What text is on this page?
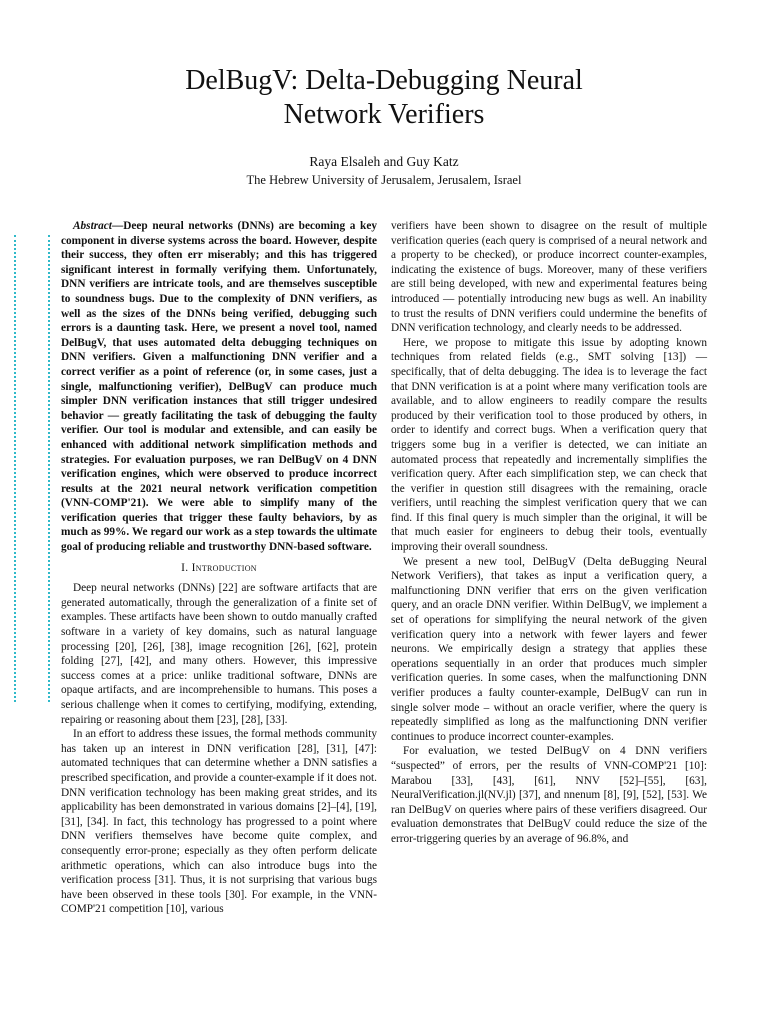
DelBugV: Delta-Debugging Neural
Network Verifiers
Raya Elsaleh and Guy Katz
The Hebrew University of Jerusalem, Jerusalem, Israel

Abstract—Deep neural networks (DNNs) are becoming a key component in diverse systems across the board. However, despite their success, they often err miserably; and this has triggered significant interest in formally verifying them. Unfortunately, DNN verifiers are intricate tools, and are themselves susceptible to soundness bugs. Due to the complexity of DNN verifiers, as well as the sizes of the DNNs being verified, debugging such errors is a daunting task. Here, we present a novel tool, named DelBugV, that uses automated delta debugging techniques on DNN verifiers. Given a malfunctioning DNN verifier and a correct verifier as a point of reference (or, in some cases, just a single, malfunctioning verifier), DelBugV can produce much simpler DNN verification instances that still trigger undesired behavior — greatly facilitating the task of debugging the faulty verifier. Our tool is modular and extensible, and can easily be enhanced with additional network simplification methods and strategies. For evaluation purposes, we ran DelBugV on 4 DNN verification engines, which were observed to produce incorrect results at the 2021 neural network verification competition (VNN-COMP'21). We were able to simplify many of the verification queries that trigger these faulty behaviors, by as much as 99%. We regard our work as a step towards the ultimate goal of producing reliable and trustworthy DNN-based software.

I. Introduction

Deep neural networks (DNNs) [22] are software artifacts that are generated automatically, through the generalization of a finite set of examples. These artifacts have been shown to outdo manually crafted software in a variety of key domains, such as natural language processing [20], [26], [38], image recognition [26], [62], protein folding [27], [42], and many others. However, this impressive success comes at a price: unlike traditional software, DNNs are opaque artifacts, and are incomprehensible to humans. This poses a serious challenge when it comes to certifying, modifying, extending, repairing or reasoning about them [23], [28], [33].

In an effort to address these issues, the formal methods community has taken up an interest in DNN verification [28], [31], [47]: automated techniques that can determine whether a DNN satisfies a prescribed specification, and provide a counter-example if it does not. DNN verification technology has been making great strides, and its applicability has been demonstrated in various domains [2]–[4], [19], [31], [34]. In fact, this technology has progressed to a point where DNN verifiers themselves have become quite complex, and consequently error-prone; especially as they often perform delicate arithmetic operations, which can also introduce bugs into the verification process [31]. Thus, it is not surprising that various bugs have been observed in these tools [30]. For example, in the VNN-COMP'21 competition [10], various

verifiers have been shown to disagree on the result of multiple verification queries (each query is comprised of a neural network and a property to be checked), or produce incorrect counter-examples, indicating the existence of bugs. Moreover, many of these verifiers are still being developed, with new and experimental features being introduced — potentially introducing new bugs as well. An inability to trust the results of DNN verifiers could undermine the benefits of DNN verification technology, and clearly needs to be addressed.

Here, we propose to mitigate this issue by adopting known techniques from related fields (e.g., SMT solving [13]) — specifically, that of delta debugging. The idea is to leverage the fact that DNN verification is at a point where many verification tools are available, and to allow engineers to readily compare the results produced by their verification tool to those produced by others, in order to identify and correct bugs. When a verification query that triggers some bug in a verifier is detected, we can initiate an automated process that repeatedly and incrementally simplifies the verification query. After each simplification step, we can check that the verifier in question still disagrees with the remaining, oracle verifiers, until reaching the simplest verification query that we can find. If this final query is much simpler than the original, it will be that much easier for engineers to debug their tools, eventually improving their overall soundness.

We present a new tool, DelBugV (Delta deBugging Neural Network Verifiers), that takes as input a verification query, a malfunctioning DNN verifier that errs on the given verification query, and an oracle DNN verifier. Within DelBugV, we implement a set of operations for simplifying the neural network of the given verification query into a network with fewer layers and fewer neurons. We empirically design a strategy that applies these operations sequentially in an order that produces much simpler verification queries. In some cases, when the malfunctioning DNN verifier produces a faulty counter-example, DelBugV can run in single solver mode – without an oracle verifier, where the query is repeatedly simplified as long as the malfunctioning DNN verifier continues to produce incorrect counter-examples.

For evaluation, we tested DelBugV on 4 DNN verifiers “suspected” of errors, per the results of VNN-COMP'21 [10]: Marabou [33], [43], [61], NNV [52]–[55], [63], NeuralVerification.jl(NV.jl) [37], and nnenum [8], [9], [52], [53]. We ran DelBugV on queries where pairs of these verifiers disagreed. Our evaluation demonstrates that DelBugV could reduce the size of the error-triggering queries by an average of 96.8%, and
